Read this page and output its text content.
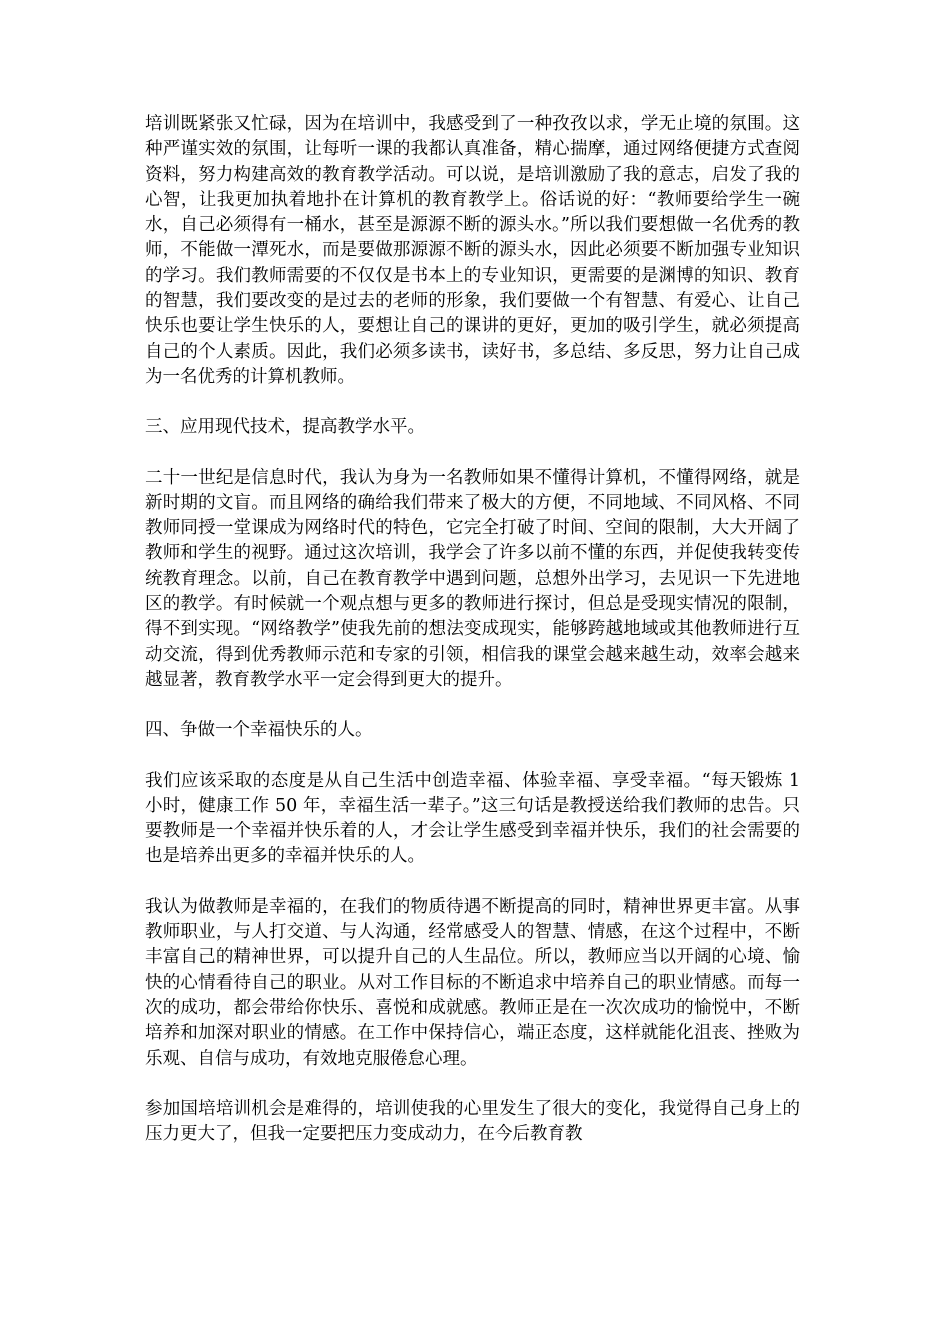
培训既紧张又忙碌，因为在培训中，我感受到了一种孜孜以求，学无止境的氛围。这种严谨实效的氛围，让每听一课的我都认真准备，精心揣摩，通过网络便捷方式查阅资料，努力构建高效的教育教学活动。可以说，是培训激励了我的意志，启发了我的心智，让我更加执着地扑在计算机的教育教学上。俗话说的好：“教师要给学生一碗水，自己必须得有一桶水，甚至是源源不断的源头水。”所以我们要想做一名优秀的教师，不能做一潭死水，而是要做那源源不断的源头水，因此必须要不断加强专业知识的学习。我们教师需要的不仅仅是书本上的专业知识，更需要的是渊博的知识、教育的智慧，我们要改变的是过去的老师的形象，我们要做一个有智慧、有爱心、让自己快乐也要让学生快乐的人，要想让自己的课讲的更好，更加的吸引学生，就必须提高自己的个人素质。因此，我们必须多读书，读好书，多总结、多反思，努力让自己成为一名优秀的计算机教师。

三、应用现代技术，提高教学水平。

二十一世纪是信息时代，我认为身为一名教师如果不懂得计算机，不懂得网络，就是新时期的文盲。而且网络的确给我们带来了极大的方便，不同地域、不同风格、不同教师同授一堂课成为网络时代的特色，它完全打破了时间、空间的限制，大大开阔了教师和学生的视野。通过这次培训，我学会了许多以前不懂的东西，并促使我转变传统教育理念。以前，自己在教育教学中遇到问题，总想外出学习，去见识一下先进地区的教学。有时候就一个观点想与更多的教师进行探讨，但总是受现实情况的限制，得不到实现。“网络教学”使我先前的想法变成现实，能够跨越地域或其他教师进行互动交流，得到优秀教师示范和专家的引领，相信我的课堂会越来越生动，效率会越来越显著，教育教学水平一定会得到更大的提升。

四、争做一个幸福快乐的人。

我们应该采取的态度是从自己生活中创造幸福、体验幸福、享受幸福。“每天锻炼 1 小时，健康工作 50 年，幸福生活一辈子。”这三句话是教授送给我们教师的忠告。只要教师是一个幸福并快乐着的人，才会让学生感受到幸福并快乐，我们的社会需要的也是培养出更多的幸福并快乐的人。

我认为做教师是幸福的，在我们的物质待遇不断提高的同时，精神世界更丰富。从事教师职业，与人打交道、与人沟通，经常感受人的智慧、情感，在这个过程中，不断丰富自己的精神世界，可以提升自己的人生品位。所以，教师应当以开阔的心境、愉快的心情看待自己的职业。从对工作目标的不断追求中培养自己的职业情感。而每一次的成功，都会带给你快乐、喜悦和成就感。教师正是在一次次成功的愉悦中，不断培养和加深对职业的情感。在工作中保持信心，端正态度，这样就能化沮丧、挫败为乐观、自信与成功，有效地克服倦怠心理。

参加国培培训机会是难得的，培训使我的心里发生了很大的变化，我觉得自己身上的压力更大了，但我一定要把压力变成动力，在今后教育教
